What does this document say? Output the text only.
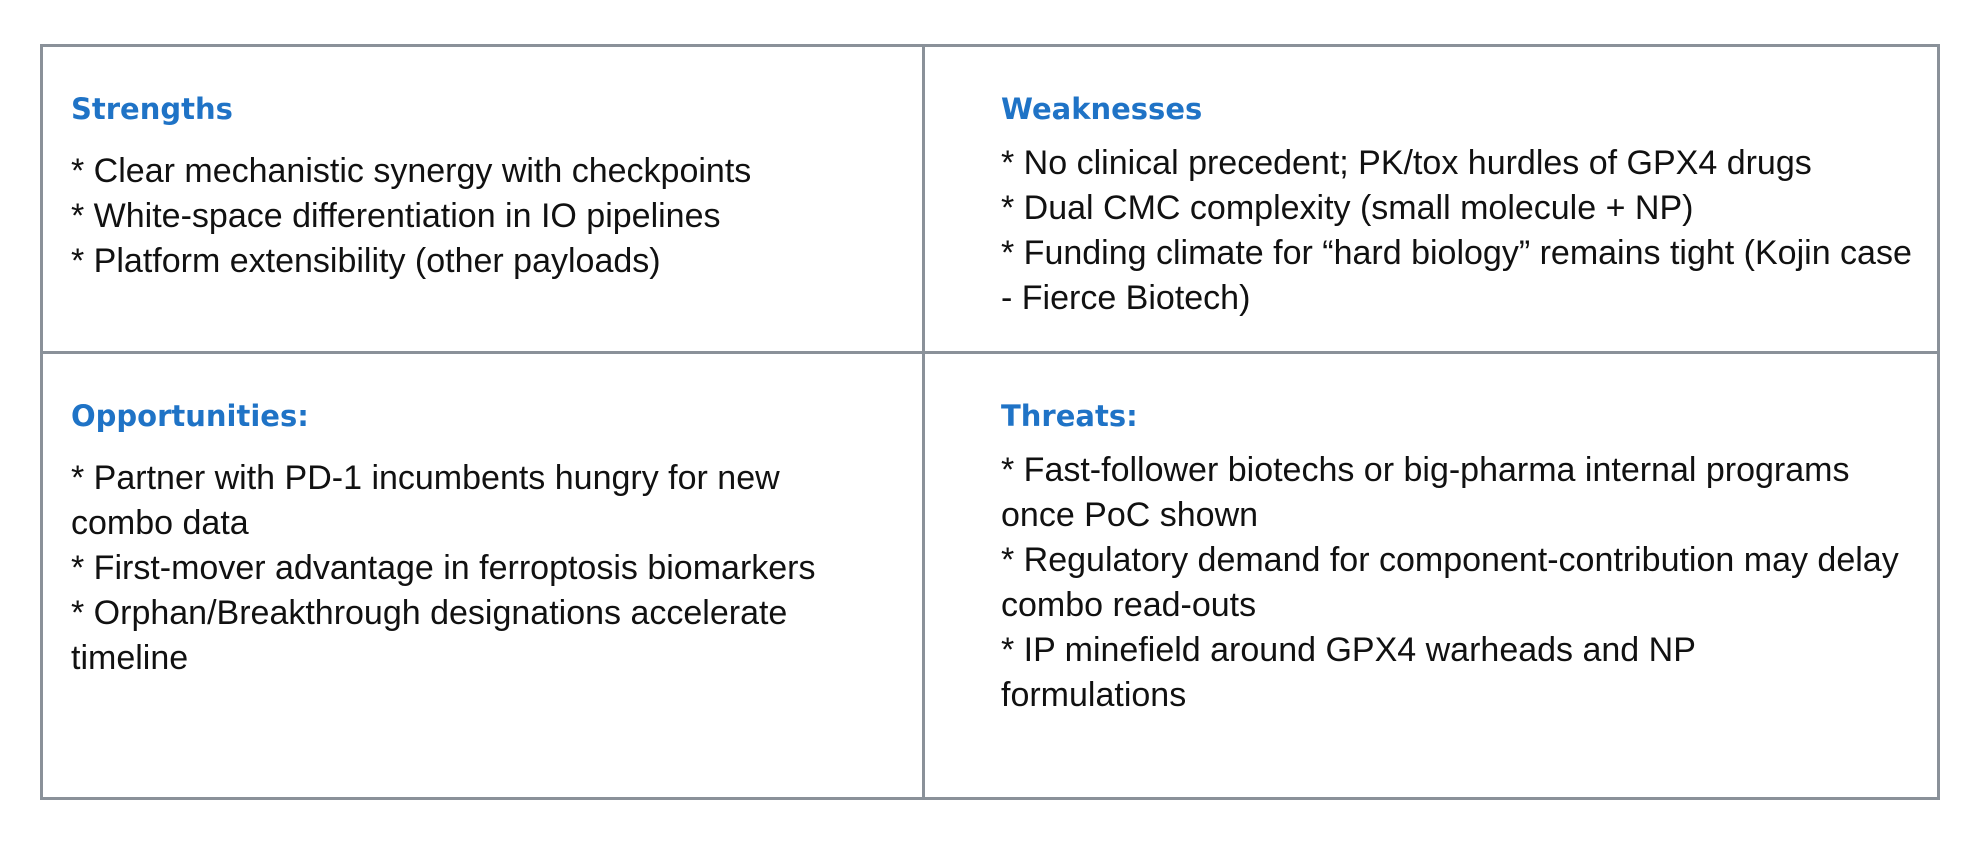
Strengths
* Clear mechanistic synergy with checkpoints
* White-space differentiation in IO pipelines
* Platform extensibility (other payloads)
Weaknesses
* No clinical precedent; PK/tox hurdles of GPX4 drugs
* Dual CMC complexity (small molecule + NP)
* Funding climate for “hard biology” remains tight (Kojin case - Fierce Biotech)
Opportunities:
* Partner with PD-1 incumbents hungry for new combo data
* First-mover advantage in ferroptosis biomarkers
* Orphan/Breakthrough designations accelerate timeline
Threats:
* Fast-follower biotechs or big-pharma internal programs once PoC shown
* Regulatory demand for component-contribution may delay combo read-outs
* IP minefield around GPX4 warheads and NP formulations
